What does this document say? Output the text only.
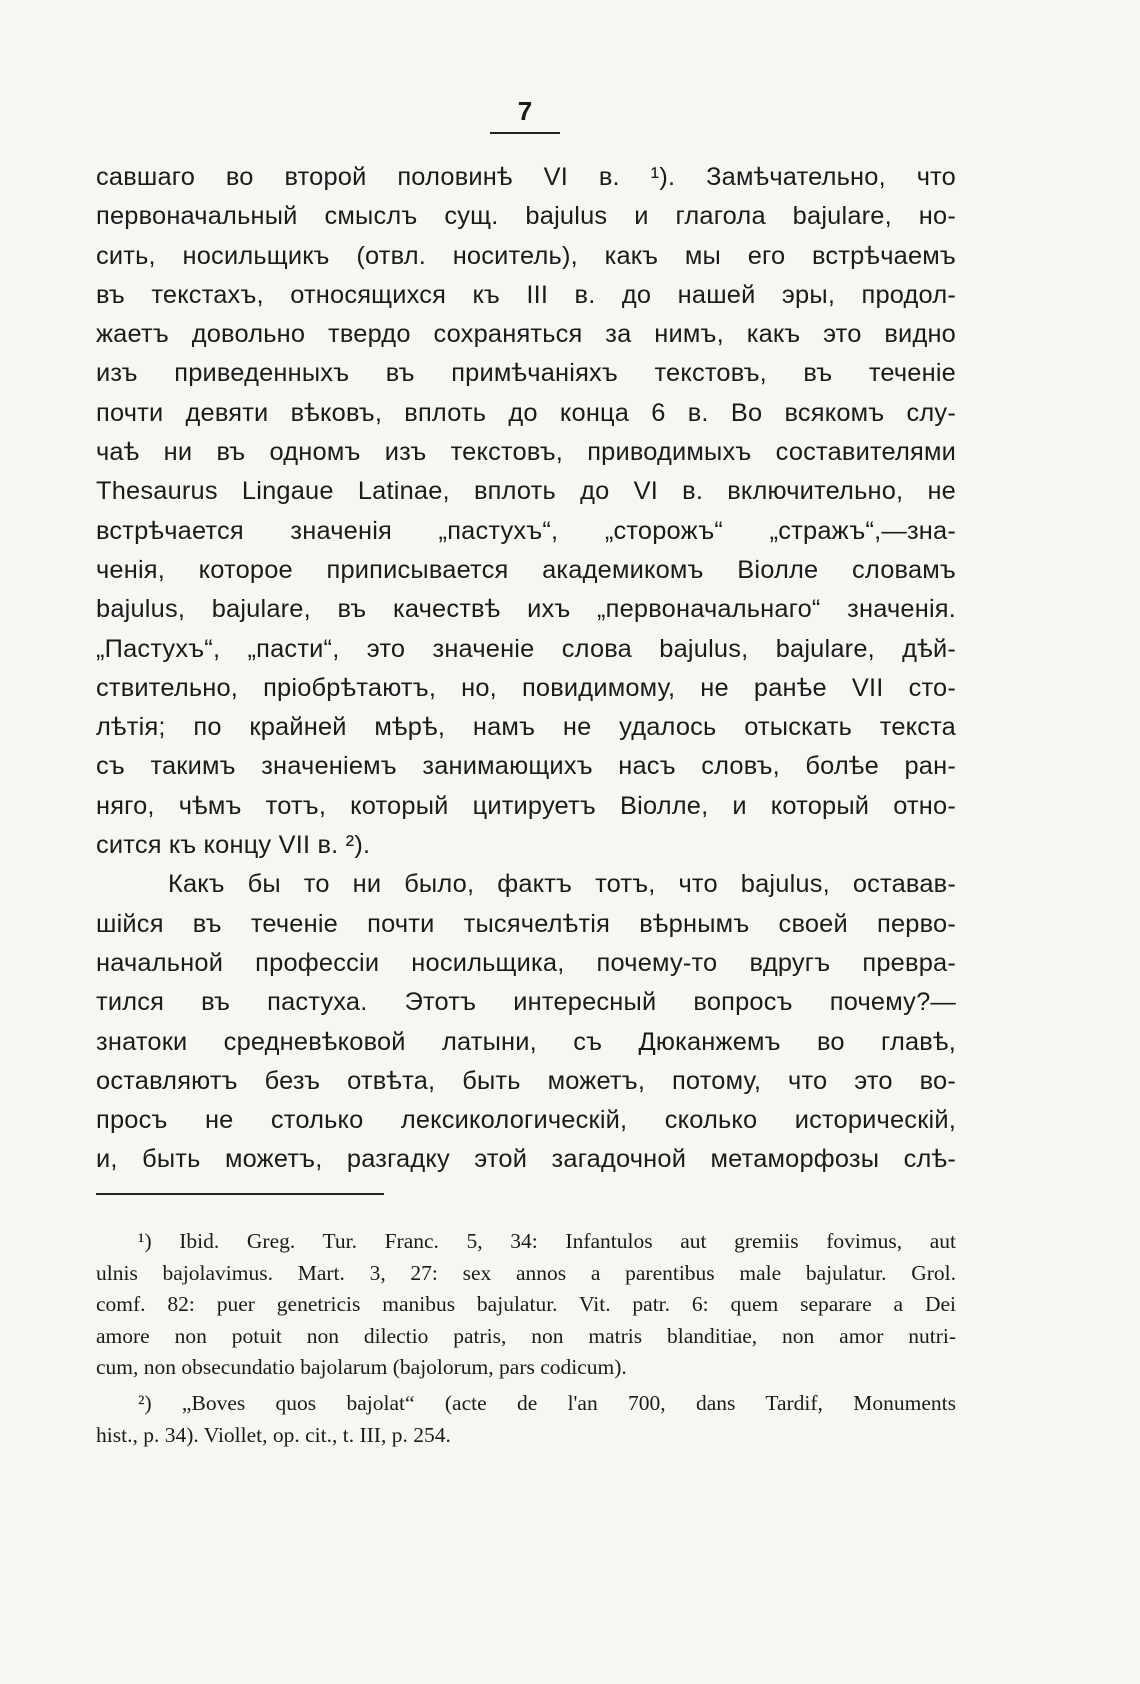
7
савшаго во второй половинѣ VI в. ¹). Замѣчательно, что
первоначальный смыслъ сущ. bajulus и глагола bajulare, но-
сить, носильщикъ (отвл. носитель), какъ мы его встрѣчаемъ
въ текстахъ, относящихся къ III в. до нашей эры, продол-
жаетъ довольно твердо сохраняться за нимъ, какъ это видно
изъ приведенныхъ въ примѣчаніяхъ текстовъ, въ теченіе
почти девяти вѣковъ, вплоть до конца 6 в. Во всякомъ слу-
чаѣ ни въ одномъ изъ текстовъ, приводимыхъ составителями
Thesaurus Lingaue Latinae, вплоть до VI в. включительно, не
встрѣчается значенія „пастухъ“, „сторожъ“ „стражъ“,—зна-
ченія, которое приписывается академикомъ Віолле словамъ
bajulus, bajulare, въ качествѣ ихъ „первоначальнаго“ значенія.
„Пастухъ“, „пасти“, это значеніе слова bajulus, bajulare, дѣй-
ствительно, пріобрѣтаютъ, но, повидимому, не ранѣе VII сто-
лѣтія; по крайней мѣрѣ, намъ не удалось отыскать текста
съ такимъ значеніемъ занимающихъ насъ словъ, болѣе ран-
няго, чѣмъ тотъ, который цитируетъ Віолле, и который отно-
сится къ концу VII в. ²).
Какъ бы то ни было, фактъ тотъ, что bajulus, оставав-
шійся въ теченіе почти тысячелѣтія вѣрнымъ своей перво-
начальной профессіи носильщика, почему-то вдругъ превра-
тился въ пастуха. Этотъ интересный вопросъ почему?—
знатоки средневѣковой латыни, съ Дюканжемъ во главѣ,
оставляютъ безъ отвѣта, быть можетъ, потому, что это во-
просъ не столько лексикологическій, сколько историческій,
и, быть можетъ, разгадку этой загадочной метаморфозы слѣ-
¹) Ibid. Greg. Tur. Franc. 5, 34: Infantulos aut gremiis fovimus, aut
ulnis bajolavimus. Mart. 3, 27: sex annos a parentibus male bajulatur. Grol.
comf. 82: puer genetricis manibus bajulatur. Vit. patr. 6: quem separare a Dei
amore non potuit non dilectio patris, non matris blanditiae, non amor nutri-
cum, non obsecundatio bajolarum (bajolorum, pars codicum).
²) „Boves quos bajolat“ (acte de l'an 700, dans Tardif, Monuments
hist., p. 34). Viollet, op. cit., t. III, p. 254.
